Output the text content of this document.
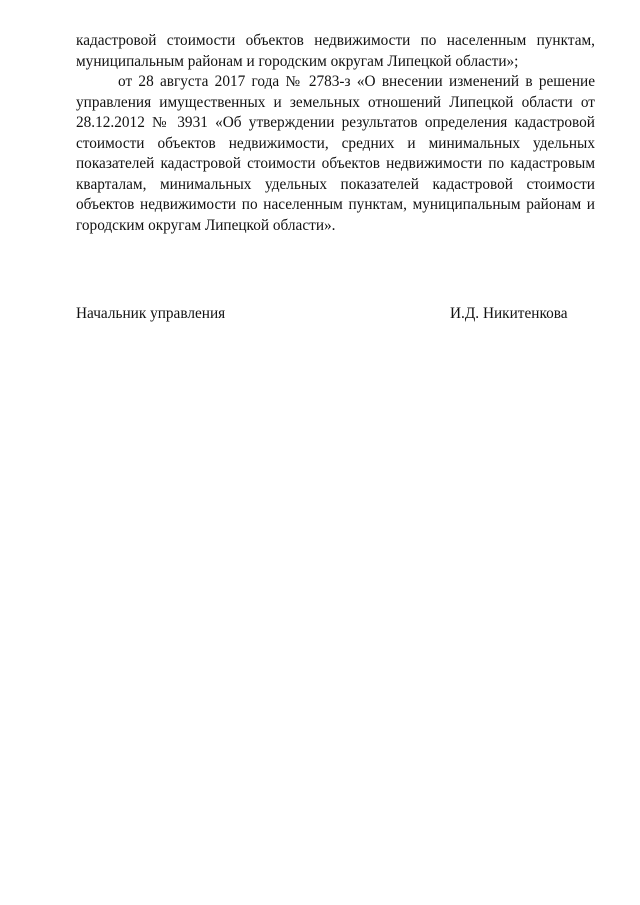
кадастровой стоимости объектов недвижимости по населенным пунктам,
муниципальным районам и городским округам Липецкой области»;
от 28 августа 2017 года № 2783-з «О внесении изменений в решение
управления имущественных и земельных отношений Липецкой области от
28.12.2012 № 3931 «Об утверждении результатов определения кадастровой
стоимости объектов недвижимости, средних и минимальных удельных
показателей кадастровой стоимости объектов недвижимости по кадастровым
кварталам, минимальных удельных показателей кадастровой стоимости
объектов недвижимости по населенным пунктам, муниципальным районам и
городским округам Липецкой области».
Начальник управления	И.Д. Никитенкова
